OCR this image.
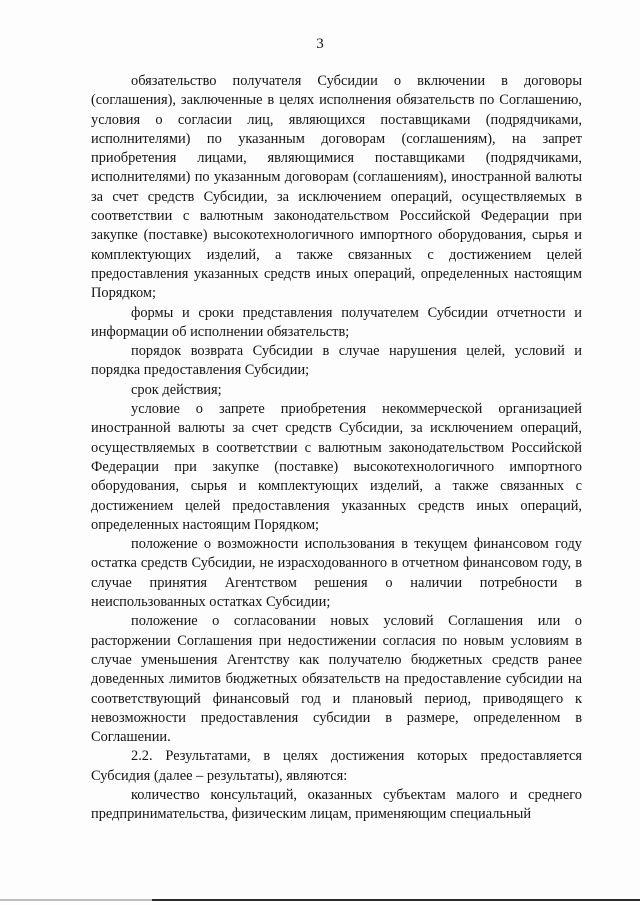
3

обязательство получателя Субсидии о включении в договоры (соглашения), заключенные в целях исполнения обязательств по Соглашению, условия о согласии лиц, являющихся поставщиками (подрядчиками, исполнителями) по указанным договорам (соглашениям), на запрет приобретения лицами, являющимися поставщиками (подрядчиками, исполнителями) по указанным договорам (соглашениям), иностранной валюты за счет средств Субсидии, за исключением операций, осуществляемых в соответствии с валютным законодательством Российской Федерации при закупке (поставке) высокотехнологичного импортного оборудования, сырья и комплектующих изделий, а также связанных с достижением целей предоставления указанных средств иных операций, определенных настоящим Порядком;

формы и сроки представления получателем Субсидии отчетности и информации об исполнении обязательств;

порядок возврата Субсидии в случае нарушения целей, условий и порядка предоставления Субсидии;

срок действия;

условие о запрете приобретения некоммерческой организацией иностранной валюты за счет средств Субсидии, за исключением операций, осуществляемых в соответствии с валютным законодательством Российской Федерации при закупке (поставке) высокотехнологичного импортного оборудования, сырья и комплектующих изделий, а также связанных с достижением целей предоставления указанных средств иных операций, определенных настоящим Порядком;

положение о возможности использования в текущем финансовом году остатка средств Субсидии, не израсходованного в отчетном финансовом году, в случае принятия Агентством решения о наличии потребности в неиспользованных остатках Субсидии;

положение о согласовании новых условий Соглашения или о расторжении Соглашения при недостижении согласия по новым условиям в случае уменьшения Агентству как получателю бюджетных средств ранее доведенных лимитов бюджетных обязательств на предоставление субсидии на соответствующий финансовый год и плановый период, приводящего к невозможности предоставления субсидии в размере, определенном в Соглашении.

2.2. Результатами, в целях достижения которых предоставляется Субсидия (далее – результаты), являются:

количество консультаций, оказанных субъектам малого и среднего предпринимательства, физическим лицам, применяющим специальный
